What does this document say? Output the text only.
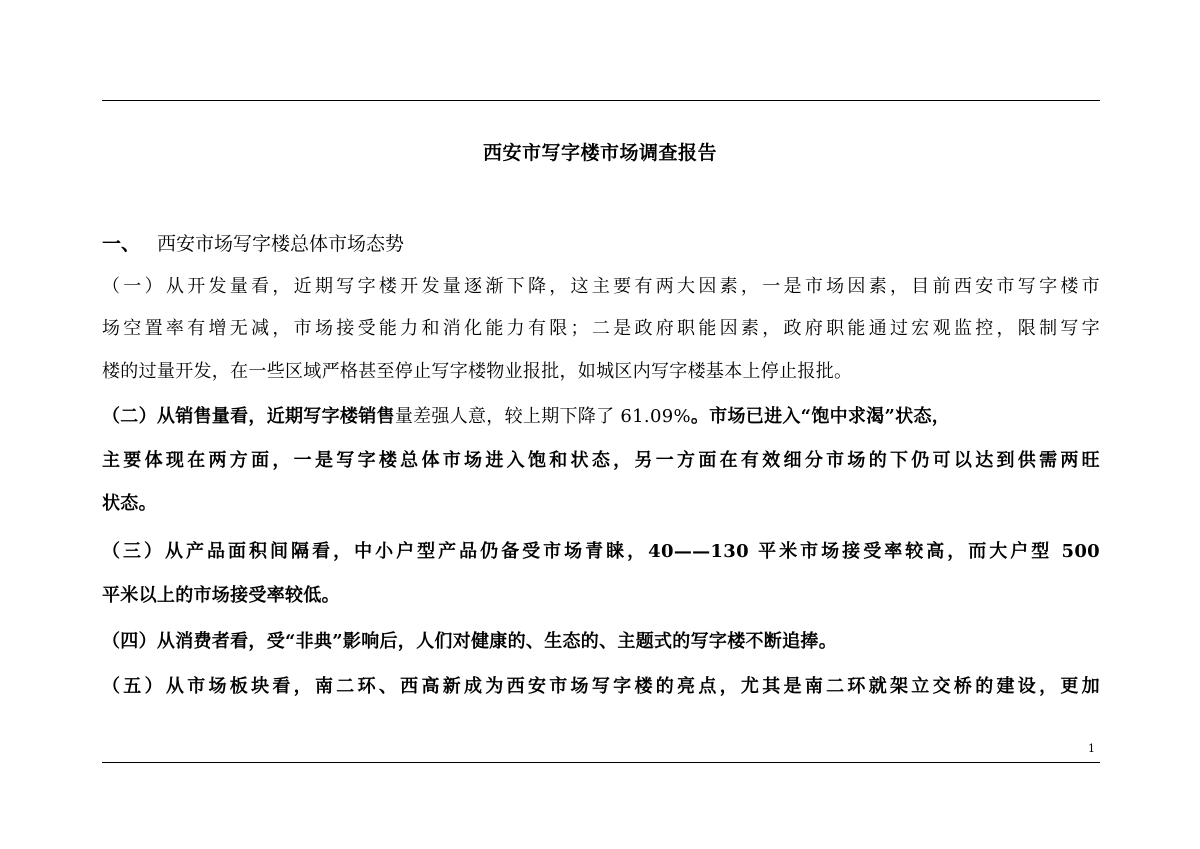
西安市写字楼市场调查报告
一、 西安市场写字楼总体市场态势
（一）从开发量看，近期写字楼开发量逐渐下降，这主要有两大因素，一是市场因素，目前西安市写字楼市
场空置率有增无减，市场接受能力和消化能力有限；二是政府职能因素，政府职能通过宏观监控，限制写字
楼的过量开发，在一些区域严格甚至停止写字楼物业报批，如城区内写字楼基本上停止报批。
（二）从销售量看，近期写字楼销售量差强人意，较上期下降了 61.09%。市场已进入“饱中求渴”状态，
主要体现在两方面，一是写字楼总体市场进入饱和状态，另一方面在有效细分市场的下仍可以达到供需两旺
状态。
（三）从产品面积间隔看，中小户型产品仍备受市场青睐，40——130 平米市场接受率较高，而大户型 500
平米以上的市场接受率较低。
（四）从消费者看，受“非典”影响后，人们对健康的、生态的、主题式的写字楼不断追捧。
（五）从市场板块看，南二环、西高新成为西安市场写字楼的亮点，尤其是南二环就架立交桥的建设，更加
1
